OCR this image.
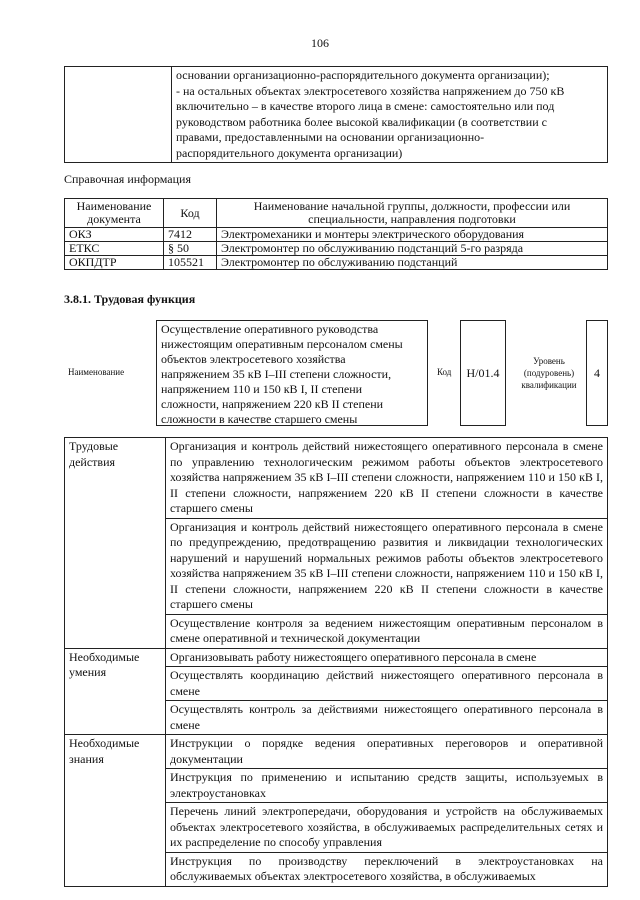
106

основании организационно-распорядительного документа организации);
- на остальных объектах электросетевого хозяйства напряжением до 750 кВ
включительно – в качестве второго лица в смене: самостоятельно или под
руководством работника более высокой квалификации (в соответствии с
правами, предоставленными на основании организационно-
распорядительного документа организации)
Справочная информация
Наименование документа	Код	Наименование начальной группы, должности, профессии или специальности, направления подготовки
ОКЗ	7412	Электромеханики и монтеры электрического оборудования
ЕТКС	§ 50	Электромонтер по обслуживанию подстанций 5-го разряда
ОКПДТР	105521	Электромонтер по обслуживанию подстанций
3.8.1. Трудовая функция
Наименование
Осуществление оперативного руководства
нижестоящим оперативным персоналом смены
объектов электросетевого хозяйства
напряжением 35 кВ I–III степени сложности,
напряжением 110 и 150 кВ I, II степени
сложности, напряжением 220 кВ II степени
сложности в качестве старшего смены
Код	H/01.4
Уровень (подуровень) квалификации
4
Трудовые действия	Организация и контроль действий нижестоящего оперативного персонала в смене по управлению технологическим режимом работы объектов электросетевого хозяйства напряжением 35 кВ I–III степени сложности, напряжением 110 и 150 кВ I, II степени сложности, напряжением 220 кВ II степени сложности в качестве старшего смены
	Организация и контроль действий нижестоящего оперативного персонала в смене по предупреждению, предотвращению развития и ликвидации технологических нарушений и нарушений нормальных режимов работы объектов электросетевого хозяйства напряжением 35 кВ I–III степени сложности, напряжением 110 и 150 кВ I, II степени сложности, напряжением 220 кВ II степени сложности в качестве старшего смены
	Осуществление контроля за ведением нижестоящим оперативным персоналом в смене оперативной и технической документации
Необходимые умения	Организовывать работу нижестоящего оперативного персонала в смене
	Осуществлять координацию действий нижестоящего оперативного персонала в смене
	Осуществлять контроль за действиями нижестоящего оперативного персонала в смене
Необходимые знания	Инструкции о порядке ведения оперативных переговоров и оперативной документации
	Инструкция по применению и испытанию средств защиты, используемых в электроустановках
	Перечень линий электропередачи, оборудования и устройств на обслуживаемых объектах электросетевого хозяйства, в обслуживаемых распределительных сетях и их распределение по способу управления
	Инструкция по производству переключений в электроустановках на обслуживаемых объектах электросетевого хозяйства, в обслуживаемых
